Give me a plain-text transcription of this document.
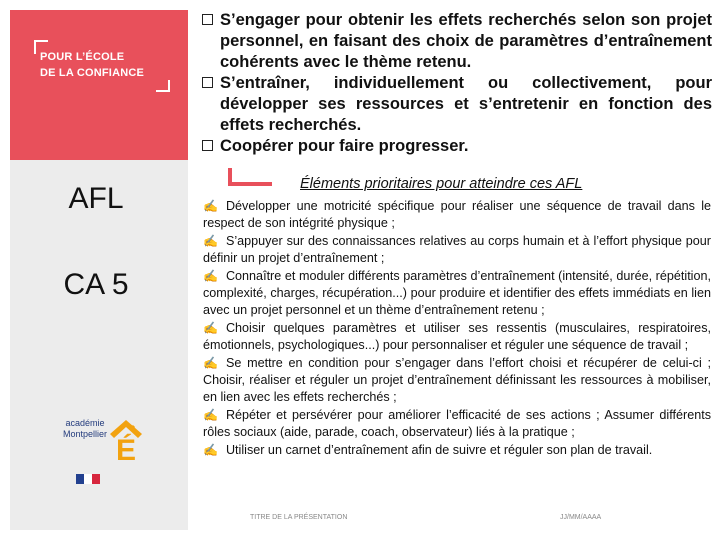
POUR L’ÉCOLE
DE LA CONFIANCE
AFL
CA 5
académie
Montpellier É
S’engager pour obtenir les effets recherchés selon son projet personnel, en faisant des choix de paramètres d’entraînement cohérents avec le thème retenu.
S’entraîner, individuellement ou collectivement, pour développer ses ressources et s’entretenir en fonction des effets recherchés.
Coopérer pour faire progresser.
Éléments prioritaires pour atteindre ces AFL

✍ Développer une motricité spécifique pour réaliser une séquence de travail dans le respect de son intégrité physique ;

✍ S’appuyer sur des connaissances relatives au corps humain et à l’effort physique pour définir un projet d’entraînement ;

✍ Connaître et moduler différents paramètres d’entraînement (intensité, durée, répétition, complexité, charges, récupération...) pour produire et identifier des effets immédiats en lien avec un projet personnel et un thème d’entraînement retenu ;

✍ Choisir quelques paramètres et utiliser ses ressentis (musculaires, respiratoires, émotionnels, psychologiques...) pour personnaliser et réguler une séquence de travail ;

✍ Se mettre en condition pour s’engager dans l’effort choisi et récupérer de celui-ci ; Choisir, réaliser et réguler un projet d’entraînement définissant les ressources à mobiliser, en lien avec les effets recherchés ;

✍ Répéter et persévérer pour améliorer l’efficacité de ses actions ; Assumer différents rôles sociaux (aide, parade, coach, observateur) liés à la pratique ;

✍ Utiliser un carnet d’entraînement afin de suivre et réguler son plan de travail.

TITRE DE LA PRÉSENTATION	JJ/MM/AAAA
